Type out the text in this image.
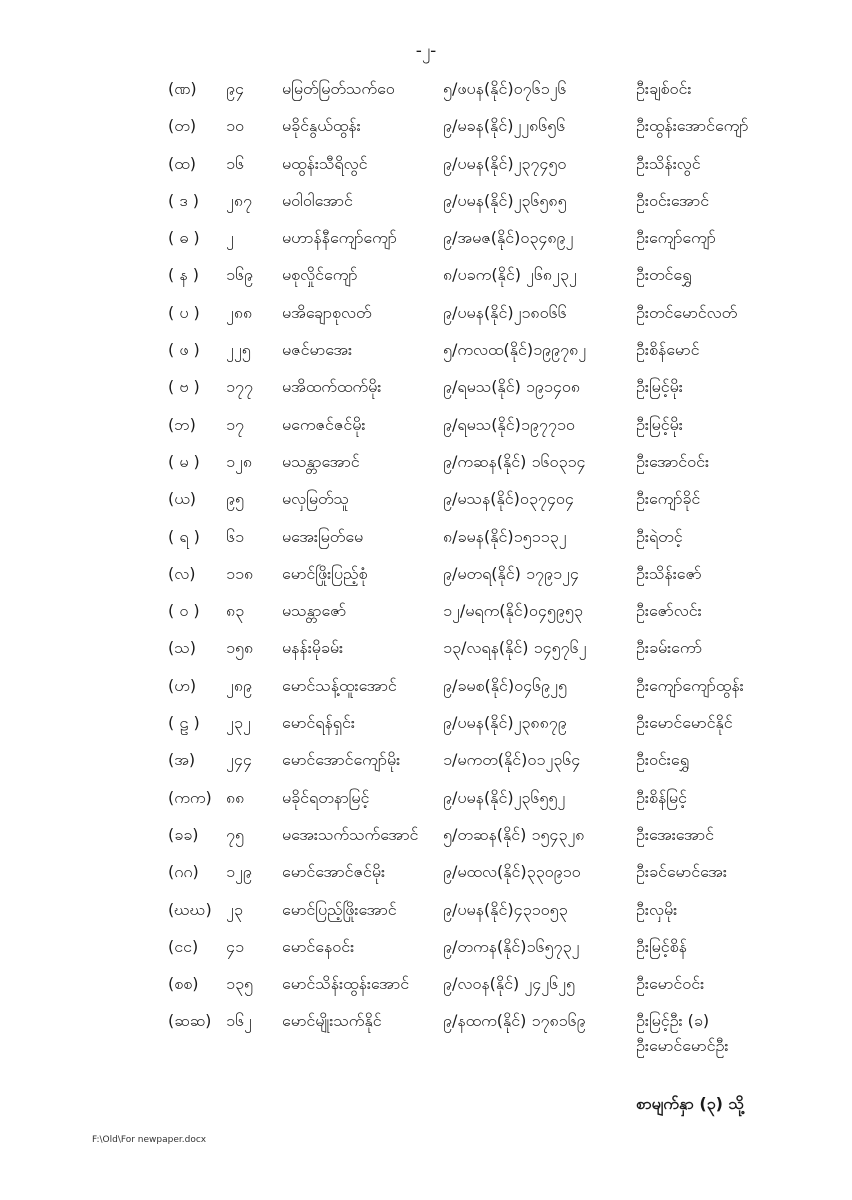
-၂-
(ဏ) ၉၄ မမြတ်မြတ်သက်ဝေ	၅/ဖပန(နိုင်)၀၇၆၁၂၆	ဦးချစ်ဝင်း
(တ) ၁၀ မခိုင်နွယ်ထွန်း	၉/မခန(နိုင်)၂၂၈၆၅၆	ဦးထွန်းအောင်ကျော်
(ထ) ၁၆ မထွန်းသီရိလွင်	၉/ပမန(နိုင်)၂၃၇၄၅၀	ဦးသိန်းလွင်
( ဒ ) ၂၈၇ မဝါဝါအောင်	၉/ပမန(နိုင်)၂၃၆၅၈၅	ဦးဝင်းအောင်
( ဓ ) ၂	မဟာန်နီကျော်ကျော်	၉/အမဇ(နိုင်)၀၃၄၈၉၂	ဦးကျော်ကျော်
( န ) ၁၆၉ မစုလှိုင်ကျော်	၈/ပခက(နိုင်) ၂၆၈၂၃၂	ဦးတင်ရွှေ
( ပ ) ၂၈၈ မအိချောစုလတ်	၉/ပမန(နိုင်)၂၁၈၀၆၆	ဦးတင်မောင်လတ်
( ဖ ) ၂၂၅ မဇင်မာအေး	၅/ကလထ(နိုင်)၁၉၉၇၈၂	ဦးစိန်မောင်
( ဗ ) ၁၇၇ မအိထက်ထက်မိုး	၉/ရမသ(နိုင်) ၁၉၁၄၀၈	ဦးမြင့်မိုး
(ဘ) ၁၇ မကေဇင်ဇင်မိုး	၉/ရမသ(နိုင်)၁၉၇၇၁၀	ဦးမြင့်မိုး
( မ ) ၁၂၈ မသန္တာအောင်	၉/ကဆန(နိုင်) ၁၆၀၃၁၄	ဦးအောင်ဝင်း
(ယ) ၉၅ မလှမြတ်သူ	၉/မသန(နိုင်)၀၃၇၄၀၄	ဦးကျော်ခိုင်
( ရ ) ၆၁ မအေးမြတ်မေ	၈/ခမန(နိုင်)၁၅၁၁၃၂	ဦးရဲတင့်
(လ) ၁၁၈ မောင်ဖြိုးပြည့်စုံ	၉/မတရ(နိုင်) ၁၇၉၁၂၄	ဦးသိန်းဇော်
( ဝ ) ၈၃ မသန္တာဇော်	၁၂/မရက(နိုင်)၀၄၅၉၅၃	ဦးဇော်လင်း
(သ) ၁၅၈ မနန်းမိုခမ်း	၁၃/လရန(နိုင်) ၁၄၅၇၆၂	ဦးခမ်းကော်
(ဟ) ၂၈၉ မောင်သန့်ထူးအောင်	၉/ခမစ(နိုင်)၀၄၆၉၂၅	ဦးကျော်ကျော်ထွန်း
( ဠ ) ၂၃၂ မောင်ရန်ရှင်း	၉/ပမန(နိုင်)၂၃၈၈၇၉	ဦးမောင်မောင်နိုင်
(အ) ၂၄၄ မောင်အောင်ကျော်မိုး	၁/မကတ(နိုင်)၀၁၂၃၆၄	ဦးဝင်းရွှေ
(ကက) ၈၈ မခိုင်ရတနာမြင့်	၉/ပမန(နိုင်)၂၃၆၅၅၂	ဦးစိန်မြင့်
(ခခ) ၇၅ မအေးသက်သက်အောင် ၅/တဆန(နိုင်) ၁၅၄၃၂၈	ဦးအေးအောင်
(ဂဂ) ၁၂၉ မောင်အောင်ဇင်မိုး	၉/မထလ(နိုင်)၃၃၀၉၁၀	ဦးခင်မောင်အေး
(ဃဃ) ၂၃ မောင်ပြည့်ဖြိုးအောင်	၉/ပမန(နိုင်)၄၃၁၀၅၃	ဦးလှမိုး
(ငင) ၄၁ မောင်နေဝင်း	၉/တကန(နိုင်)၁၆၅၇၃၂	ဦးမြင့်စိန်
(စစ) ၁၃၅ မောင်သိန်းထွန်းအောင် ၉/လဝန(နိုင်) ၂၄၂၆၂၅	ဦးမောင်ဝင်း
(ဆဆ) ၁၆၂ မောင်မျိုးသက်နိုင်	၉/နထက(နိုင်) ၁၇၈၁၆၉	ဦးမြင့်ဦး (ခ)
ဦးမောင်မောင်ဦး
စာမျက်နှာ (၃) သို့
F:\Old\For newpaper.docx
